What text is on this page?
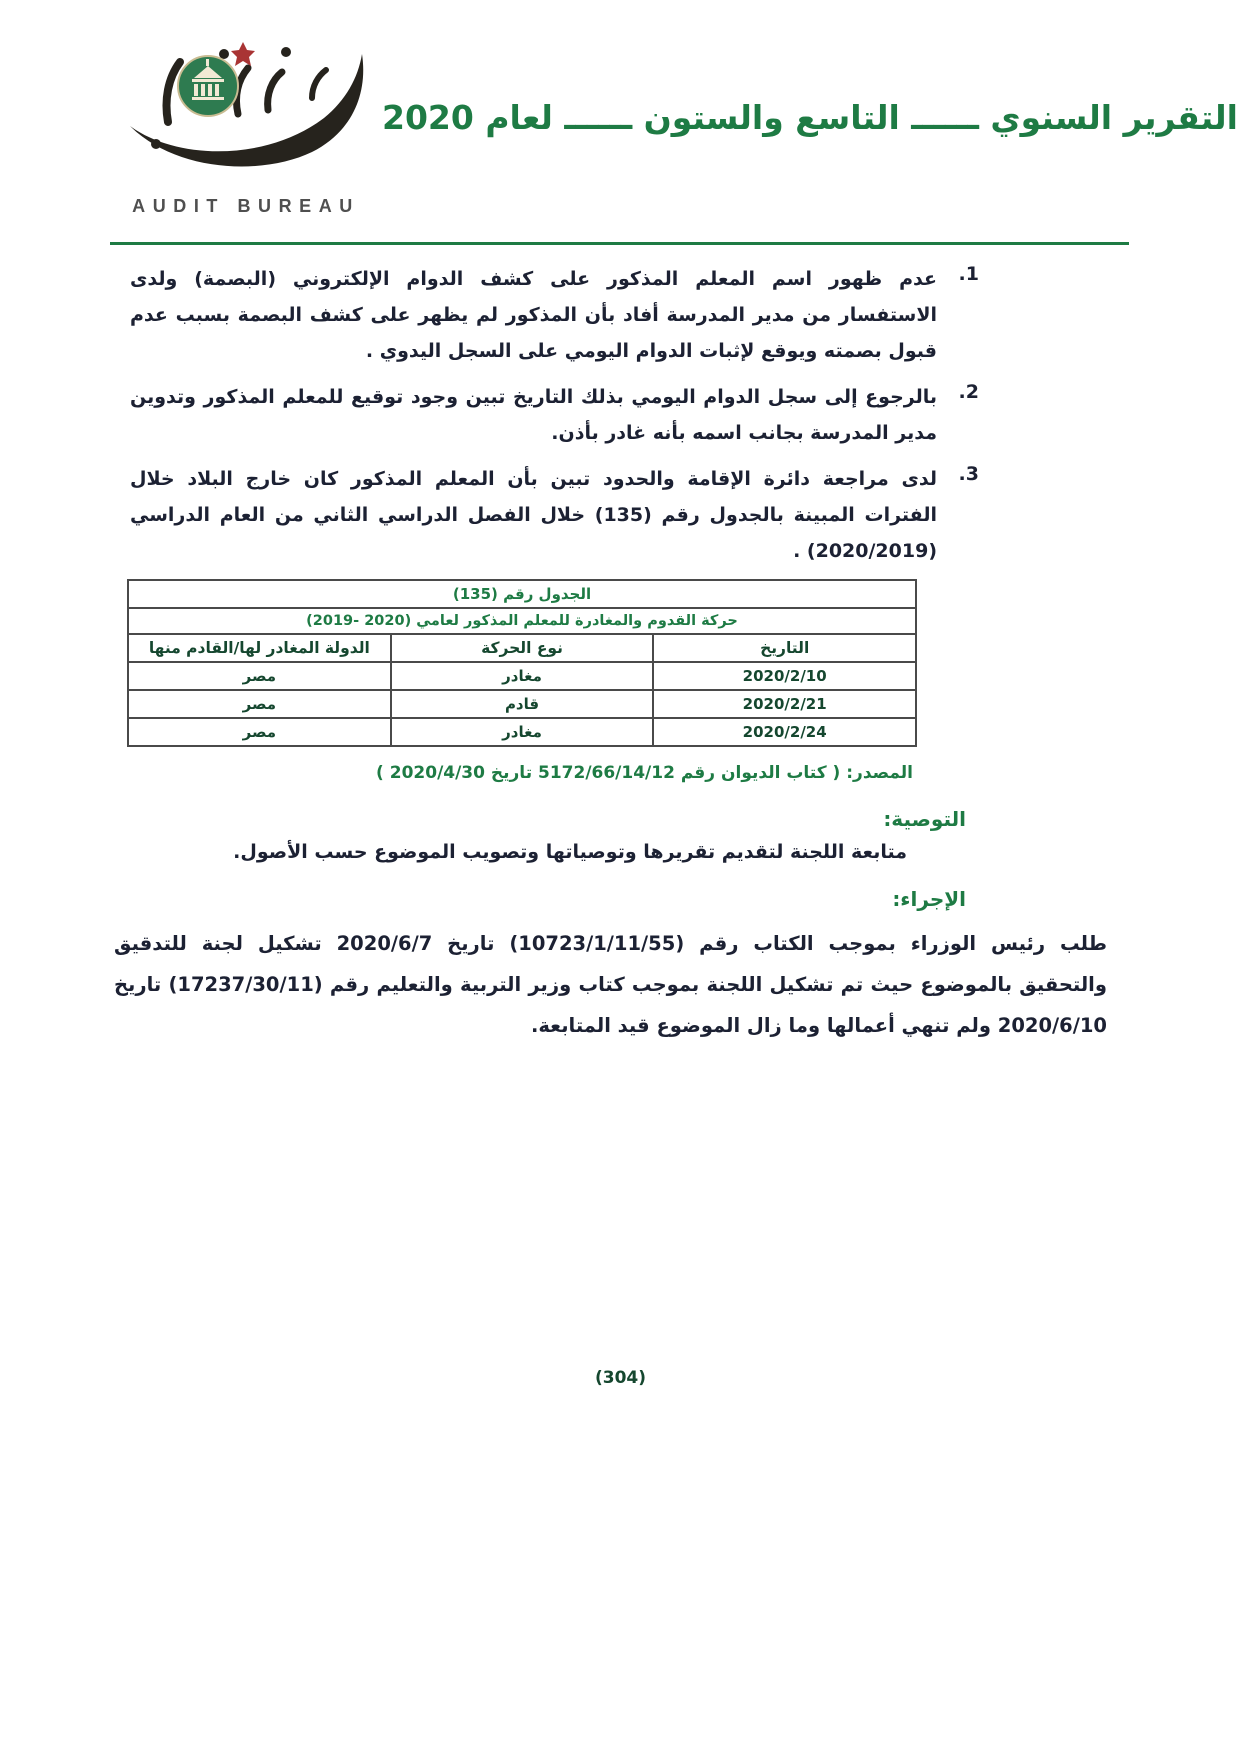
AUDIT BUREAU
التقرير السنوي ــــــ التاسع والستون ــــــ لعام 2020
1.

عدم ظهور اسم المعلم المذكور على كشف الدوام الإلكتروني (البصمة) ولدى الاستفسار من مدير المدرسة أفاد بأن المذكور لم يظهر على كشف البصمة بسبب عدم قبول بصمته ويوقع لإثبات الدوام اليومي على السجل اليدوي .

2.

بالرجوع إلى سجل الدوام اليومي بذلك التاريخ تبين وجود توقيع للمعلم المذكور وتدوين مدير المدرسة بجانب اسمه بأنه غادر بأذن.

3.

لدى مراجعة دائرة الإقامة والحدود تبين بأن المعلم المذكور كان خارج البلاد خلال الفترات المبينة بالجدول رقم (135) خلال الفصل الدراسي الثاني من العام الدراسي (2020/2019) .

الجدول رقم (135)		
حركة القدوم والمغادرة للمعلم المذكور لعامي (⁦2019- 2020⁩)		
التاريخ	نوع الحركة	الدولة المغادر لها/القادم منها
2020/2/10	مغادر	مصر
2020/2/21	قادم	مصر
2020/2/24	مغادر	مصر

المصدر: ( كتاب الديوان رقم 5172/66/14/12 تاريخ 2020/4/30 )

التوصية:

متابعة اللجنة لتقديم تقريرها وتوصياتها وتصويب الموضوع حسب الأصول.

الإجراء:

طلب رئيس الوزراء بموجب الكتاب رقم (10723/1/11/55) تاريخ 2020/6/7 تشكيل لجنة للتدقيق والتحقيق بالموضوع حيث تم تشكيل اللجنة بموجب كتاب وزير التربية والتعليم رقم (17237/30/11) تاريخ 2020/6/10 ولم تنهي أعمالها وما زال الموضوع قيد المتابعة.

(304)
